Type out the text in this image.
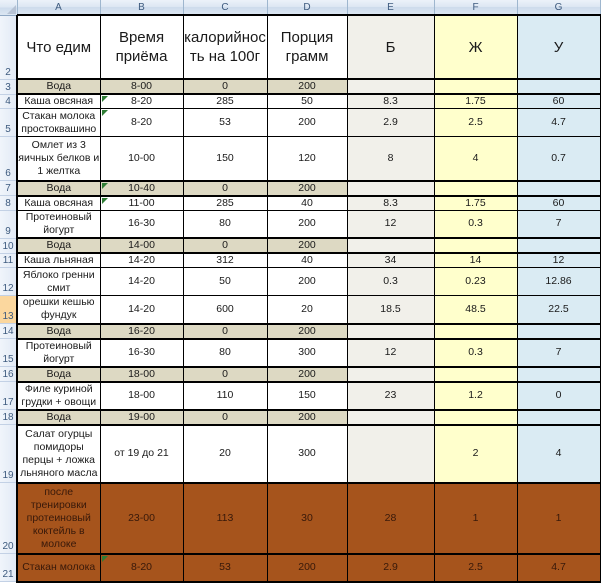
	A	B	C	D	E	F	G
2	Что едим	Время приёма	калорийность на 100г	Порция грамм	Б	Ж	У
3	Вода	8-00	0	200			
4	Каша овсяная	8-20	285	50	8.3	1.75	60
5	Стакан молока простоквашино	8-20	53	200	2.9	2.5	4.7
6	Омлет из 3 яичных белков и 1 желтка	10-00	150	120	8	4	0.7
7	Вода	10-40	0	200			
8	Каша овсяная	11-00	285	40	8.3	1.75	60
9	Протеиновый йогурт	16-30	80	200	12	0.3	7
10	Вода	14-00	0	200			
11	Каша льняная	14-20	312	40	34	14	12
12	Яблоко гренни смит	14-20	50	200	0.3	0.23	12.86
13	орешки кешью фундук	14-20	600	20	18.5	48.5	22.5
14	Вода	16-20	0	200			
15	Протеиновый йогурт	16-30	80	300	12	0.3	7
16	Вода	18-00	0	200			
17	Филе куриной грудки + овощи	18-00	110	150	23	1.2	0
18	Вода	19-00	0	200			
19	Салат огурцы помидоры перцы + ложка льняного масла	от 19 до 21	20	300		2	4
20	после тренировки протеиновый коктейль в молоке	23-00	113	30	28	1	1
21	Стакан молока	8-20	53	200	2.9	2.5	4.7
